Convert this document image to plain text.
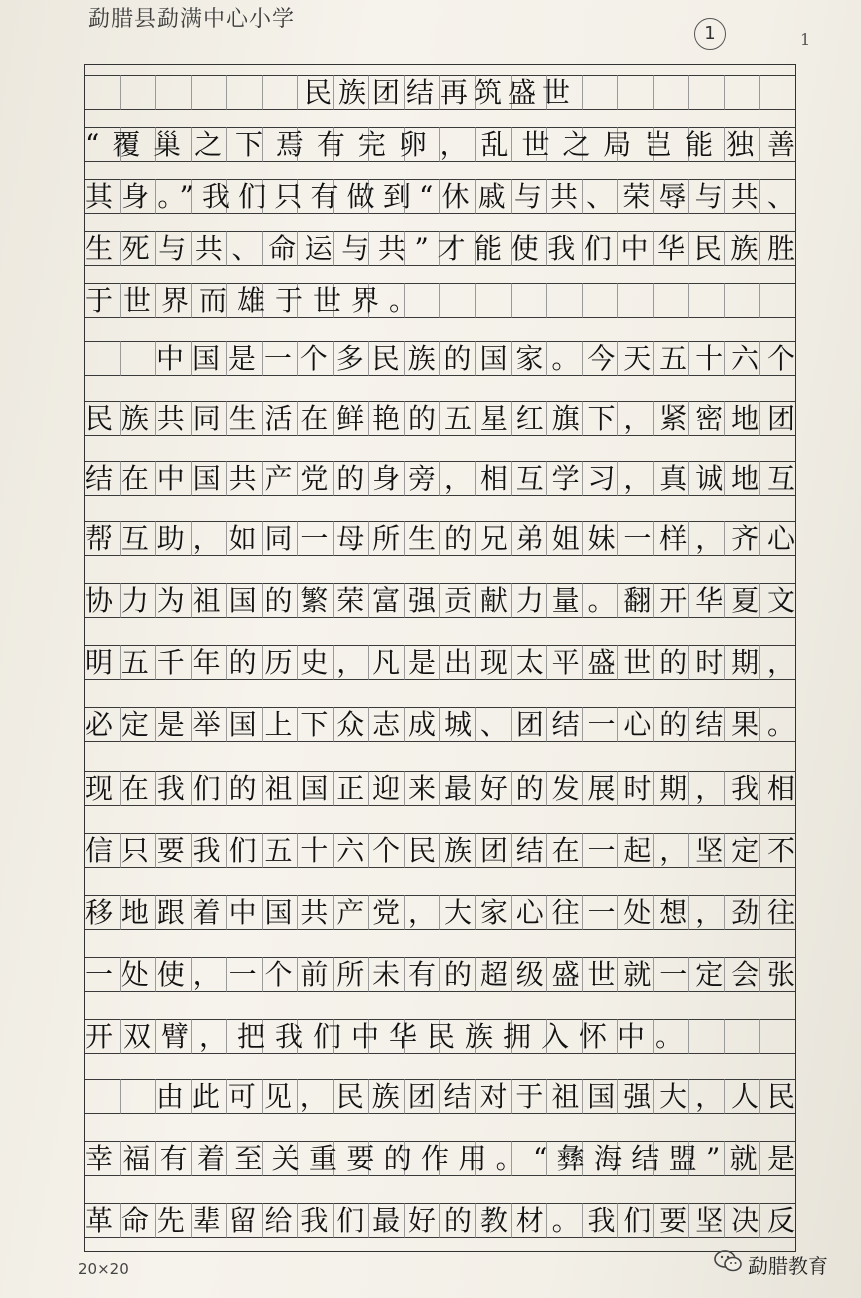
勐腊县勐满中心小学
1	1
民族团结再筑盛世
“覆巢之下焉有完卵，乱世之局岂能独善
其身。”我们只有做到“休戚与共、荣辱与共、
生死与共、命运与共”才能使我们中华民族胜
于世界而雄于世界。
中国是一个多民族的国家。今天五十六个
民族共同生活在鲜艳的五星红旗下，紧密地团
结在中国共产党的身旁，相互学习，真诚地互
帮互助，如同一母所生的兄弟姐妹一样，齐心
协力为祖国的繁荣富强贡献力量。翻开华夏文
明五千年的历史，凡是出现太平盛世的时期，
必定是举国上下众志成城、团结一心的结果。
现在我们的祖国正迎来最好的发展时期，我相
信只要我们五十六个民族团结在一起，坚定不
移地跟着中国共产党，大家心往一处想，劲往
一处使，一个前所未有的超级盛世就一定会张
开双臂，把我们中华民族拥入怀中。
由此可见，民族团结对于祖国强大，人民
幸福有着至关重要的作用。“彝海结盟”就是
革命先辈留给我们最好的教材。我们要坚决反
20×20	勐腊教育
